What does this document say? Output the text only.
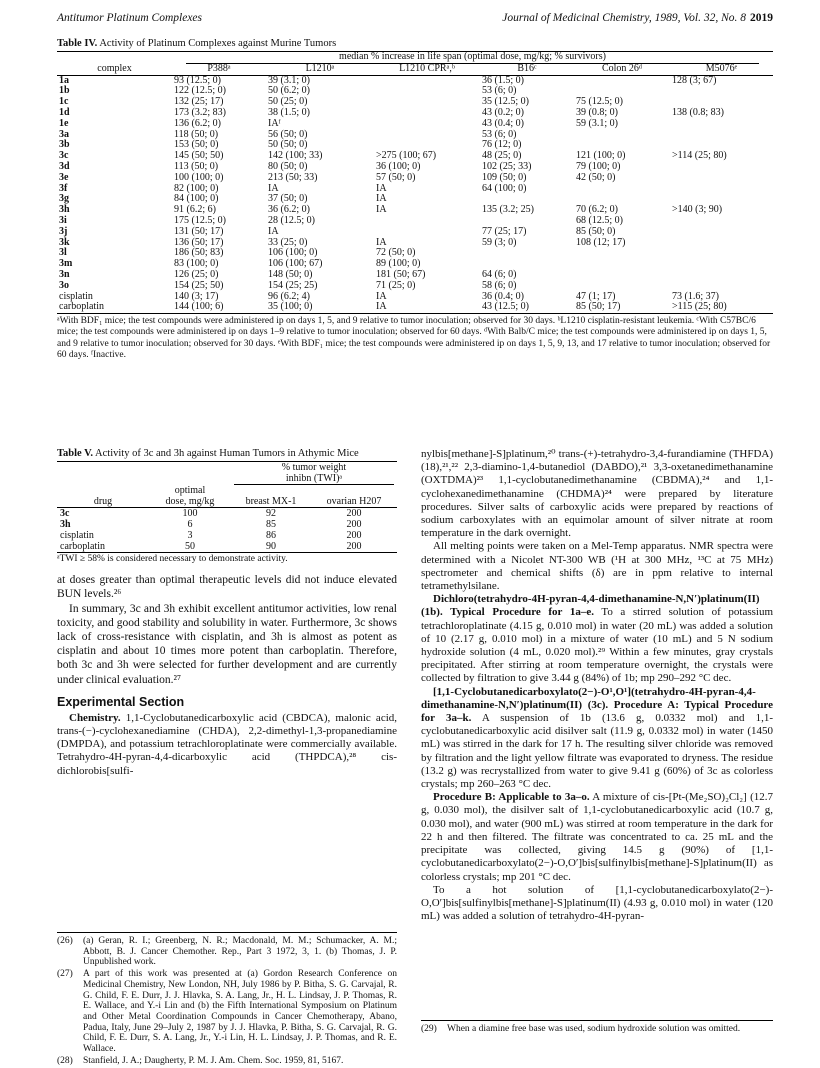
Antitumor Platinum Complexes	Journal of Medicinal Chemistry, 1989, Vol. 32, No. 8 2019
Table IV. Activity of Platinum Complexes against Murine Tumors
	median % increase in life span (optimal dose, mg/kg; % survivors)					
complex	P388ᵃ	L1210ᵃ	L1210 CPRᵃ,ᵇ	B16ᶜ	Colon 26ᵈ	M5076ᵉ
1a	93 (12.5; 0)	39 (3.1; 0)		36 (1.5; 0)		128 (3; 67)
1b	122 (12.5; 0)	50 (6.2; 0)		53 (6; 0)		
1c	132 (25; 17)	50 (25; 0)		35 (12.5; 0)	75 (12.5; 0)	
1d	173 (3.2; 83)	38 (1.5; 0)		43 (0.2; 0)	39 (0.8; 0)	138 (0.8; 83)
1e	136 (6.2; 0)	IAᶠ		43 (0.4; 0)	59 (3.1; 0)	
3a	118 (50; 0)	56 (50; 0)		53 (6; 0)		
3b	153 (50; 0)	50 (50; 0)		76 (12; 0)		
3c	145 (50; 50)	142 (100; 33)	>275 (100; 67)	48 (25; 0)	121 (100; 0)	>114 (25; 80)
3d	113 (50; 0)	80 (50; 0)	36 (100; 0)	102 (25; 33)	79 (100; 0)	
3e	100 (100; 0)	213 (50; 33)	57 (50; 0)	109 (50; 0)	42 (50; 0)	
3f	82 (100; 0)	IA	IA	64 (100; 0)		
3g	84 (100; 0)	37 (50; 0)	IA			
3h	91 (6.2; 6)	36 (6.2; 0)	IA	135 (3.2; 25)	70 (6.2; 0)	>140 (3; 90)
3i	175 (12.5; 0)	28 (12.5; 0)			68 (12.5; 0)	
3j	131 (50; 17)	IA		77 (25; 17)	85 (50; 0)	
3k	136 (50; 17)	33 (25; 0)	IA	59 (3; 0)	108 (12; 17)	
3l	186 (50; 83)	106 (100; 0)	72 (50; 0)			
3m	83 (100; 0)	106 (100; 67)	89 (100; 0)			
3n	126 (25; 0)	148 (50; 0)	181 (50; 67)	64 (6; 0)		
3o	154 (25; 50)	154 (25; 25)	71 (25; 0)	58 (6; 0)		
cisplatin	140 (3; 17)	96 (6.2; 4)	IA	36 (0.4; 0)	47 (1; 17)	73 (1.6; 37)
carboplatin	144 (100; 6)	35 (100; 0)	IA	43 (12.5; 0)	85 (50; 17)	>115 (25; 80)
ᵃWith BDF₁ mice; the test compounds were administered ip on days 1, 5, and 9 relative to tumor inoculation; observed for 30 days. ᵇL1210 cisplatin-resistant leukemia. ᶜWith C57BC/6 mice; the test compounds were administered ip on days 1–9 relative to tumor inoculation; observed for 60 days. ᵈWith Balb/C mice; the test compounds were administered ip on days 1, 5, and 9 relative to tumor inoculation; observed for 30 days. ᵉWith BDF₁ mice; the test compounds were administered ip on days 1, 5, 9, 13, and 17 relative to tumor inoculation; observed for 60 days. ᶠInactive.
Table V. Activity of 3c and 3h against Human Tumors in Athymic Mice

		% tumor weight
inhibn (TWI)ᵃ	

	optimal		
drug	dose, mg/kg	breast MX-1	ovarian H207
3c	100	92	200
3h	6	85	200
cisplatin	3	86	200
carboplatin	50	90	200
ᵃTWI ≥ 58% is considered necessary to demonstrate activity.

at doses greater than optimal therapeutic levels did not induce elevated BUN levels.²⁶

In summary, 3c and 3h exhibit excellent antitumor activities, low renal toxicity, and good stability and solubility in water. Furthermore, 3c shows lack of cross-resistance with cisplatin, and 3h is almost as potent as cisplatin and about 10 times more potent than carboplatin. Therefore, both 3c and 3h were selected for further development and are currently under clinical evaluation.²⁷

Experimental Section

Chemistry. 1,1-Cyclobutanedicarboxylic acid (CBDCA), malonic acid, trans-(−)-cyclohexanediamine (CHDA), 2,2-dimethyl-1,3-propanediamine (DMPDA), and potassium tetrachloroplatinate were commercially available. Tetrahydro-4H-pyran-4,4-dicarboxylic acid (THPDCA),²⁸ cis-dichlorobis[sulfi-

(26)	(a) Geran, R. I.; Greenberg, N. R.; Macdonald, M. M.; Schumacker, A. M.; Abbott, B. J. Cancer Chemother. Rep., Part 3 1972, 3, 1. (b) Thomas, J. P. Unpublished work.
(27)	A part of this work was presented at (a) Gordon Research Conference on Medicinal Chemistry, New London, NH, July 1986 by P. Bitha, S. G. Carvajal, R. G. Child, F. E. Durr, J. J. Hlavka, S. A. Lang, Jr., H. L. Lindsay, J. P. Thomas, R. E. Wallace, and Y.-i Lin and (b) the Fifth International Symposium on Platinum and Other Metal Coordination Compounds in Cancer Chemotherapy, Abano, Padua, Italy, June 29–July 2, 1987 by J. J. Hlavka, P. Bitha, S. G. Carvajal, R. G. Child, F. E. Durr, S. A. Lang, Jr., Y.-i Lin, H. L. Lindsay, J. P. Thomas, and R. E. Wallace.
(28)	Stanfield, J. A.; Daugherty, P. M. J. Am. Chem. Soc. 1959, 81, 5167.

nylbis[methane]-S]platinum,²⁰ trans-(+)-tetrahydro-3,4-furandiamine (THFDA) (18),²¹,²² 2,3-diamino-1,4-butanediol (DABDO),²¹ 3,3-oxetanedimethanamine (OXTDMA)²³ 1,1-cyclobutanedimethanamine (CBDMA),²⁴ and 1,1-cyclohexanedimethanamine (CHDMA)²⁴ were prepared by literature procedures. Silver salts of carboxylic acids were prepared by reactions of sodium carboxylates with an equimolar amount of silver nitrate at room temperature in the dark overnight.

All melting points were taken on a Mel-Temp apparatus. NMR spectra were determined with a Nicolet NT-300 WB (¹H at 300 MHz, ¹³C at 75 MHz) spectrometer and chemical shifts (δ) are in ppm relative to internal tetramethylsilane.

Dichloro(tetrahydro-4H-pyran-4,4-dimethanamine-N,N′)platinum(II) (1b). Typical Procedure for 1a–e. To a stirred solution of potassium tetrachloroplatinate (4.15 g, 0.010 mol) in water (20 mL) was added a solution of 10 (2.17 g, 0.010 mol) in a mixture of water (10 mL) and 5 N sodium hydroxide solution (4 mL, 0.020 mol).²⁹ Within a few minutes, gray crystals precipitated. After stirring at room temperature overnight, the crystals were collected by filtration to give 3.44 g (84%) of 1b; mp 290–292 °C dec.

[1,1-Cyclobutanedicarboxylato(2−)-O¹,O¹](tetrahydro-4H-pyran-4,4-dimethanamine-N,N′)platinum(II) (3c). Procedure A: Typical Procedure for 3a–k. A suspension of 1b (13.6 g, 0.0332 mol) and 1,1-cyclobutanedicarboxylic acid disilver salt (11.9 g, 0.0332 mol) in water (1450 mL) was stirred in the dark for 17 h. The resulting silver chloride was removed by filtration and the light yellow filtrate was evaporated to dryness. The residue (13.2 g) was recrystallized from water to give 9.41 g (60%) of 3c as colorless crystals; mp 260–263 °C dec.

Procedure B: Applicable to 3a–o. A mixture of cis-[Pt-(Me₂SO)₂Cl₂] (12.7 g, 0.030 mol), the disilver salt of 1,1-cyclobutanedicarboxylic acid (10.7 g, 0.030 mol), and water (900 mL) was stirred at room temperature in the dark for 22 h and then filtered. The filtrate was concentrated to ca. 25 mL and the precipitate was collected, giving 14.5 g (90%) of [1,1-cyclobutanedicarboxylato(2−)-O,O′]bis[sulfinylbis[methane]-S]platinum(II) as colorless crystals; mp 201 °C dec.

To a hot solution of [1,1-cyclobutanedicarboxylato(2−)-O,O′]bis[sulfinylbis[methane]-S]platinum(II) (4.93 g, 0.010 mol) in water (120 mL) was added a solution of tetrahydro-4H-pyran-

(29)	When a diamine free base was used, sodium hydroxide solution was omitted.
